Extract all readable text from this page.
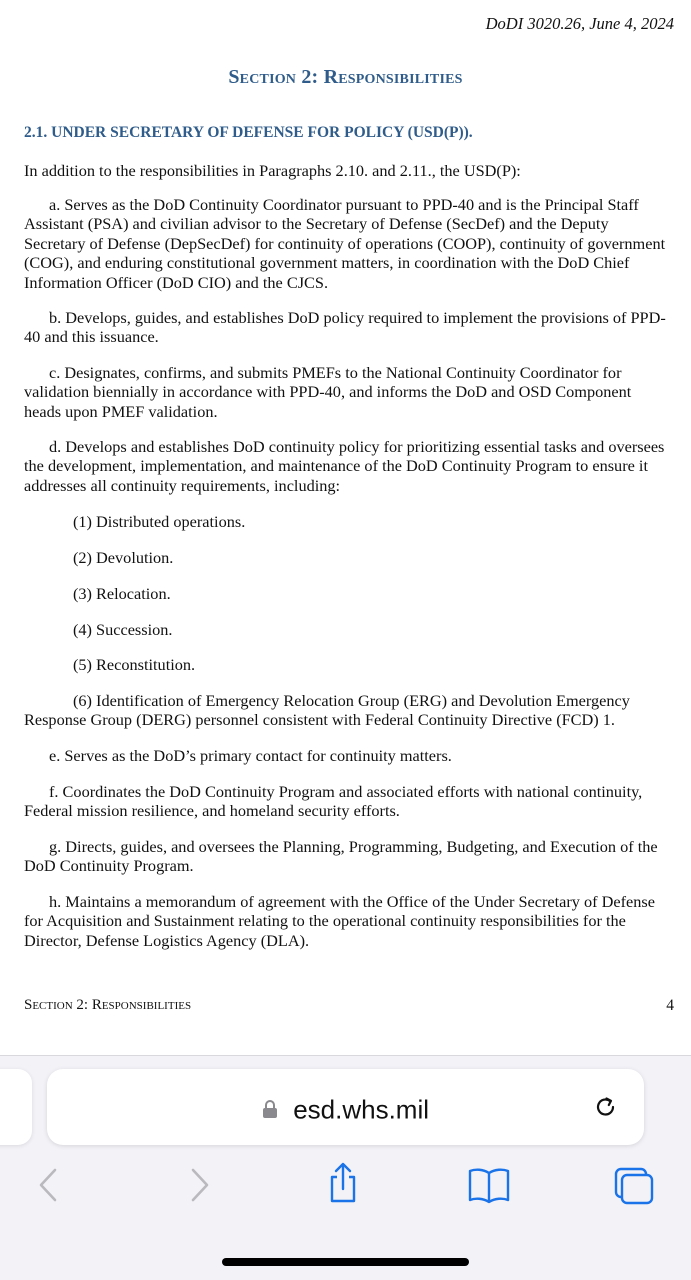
DoDI 3020.26, June 4, 2024
Section 2: Responsibilities
2.1. UNDER SECRETARY OF DEFENSE FOR POLICY (USD(P)).
In addition to the responsibilities in Paragraphs 2.10. and 2.11., the USD(P):
a. Serves as the DoD Continuity Coordinator pursuant to PPD-40 and is the Principal Staff Assistant (PSA) and civilian advisor to the Secretary of Defense (SecDef) and the Deputy Secretary of Defense (DepSecDef) for continuity of operations (COOP), continuity of government (COG), and enduring constitutional government matters, in coordination with the DoD Chief Information Officer (DoD CIO) and the CJCS.
b. Develops, guides, and establishes DoD policy required to implement the provisions of PPD-40 and this issuance.
c. Designates, confirms, and submits PMEFs to the National Continuity Coordinator for validation biennially in accordance with PPD-40, and informs the DoD and OSD Component heads upon PMEF validation.
d. Develops and establishes DoD continuity policy for prioritizing essential tasks and oversees the development, implementation, and maintenance of the DoD Continuity Program to ensure it addresses all continuity requirements, including:
(1) Distributed operations.
(2) Devolution.
(3) Relocation.
(4) Succession.
(5) Reconstitution.
(6) Identification of Emergency Relocation Group (ERG) and Devolution Emergency Response Group (DERG) personnel consistent with Federal Continuity Directive (FCD) 1.
e. Serves as the DoD’s primary contact for continuity matters.
f. Coordinates the DoD Continuity Program and associated efforts with national continuity, Federal mission resilience, and homeland security efforts.
g. Directs, guides, and oversees the Planning, Programming, Budgeting, and Execution of the DoD Continuity Program.
h. Maintains a memorandum of agreement with the Office of the Under Secretary of Defense for Acquisition and Sustainment relating to the operational continuity responsibilities for the Director, Defense Logistics Agency (DLA).
Section 2: Responsibilities	4
esd.whs.mil
